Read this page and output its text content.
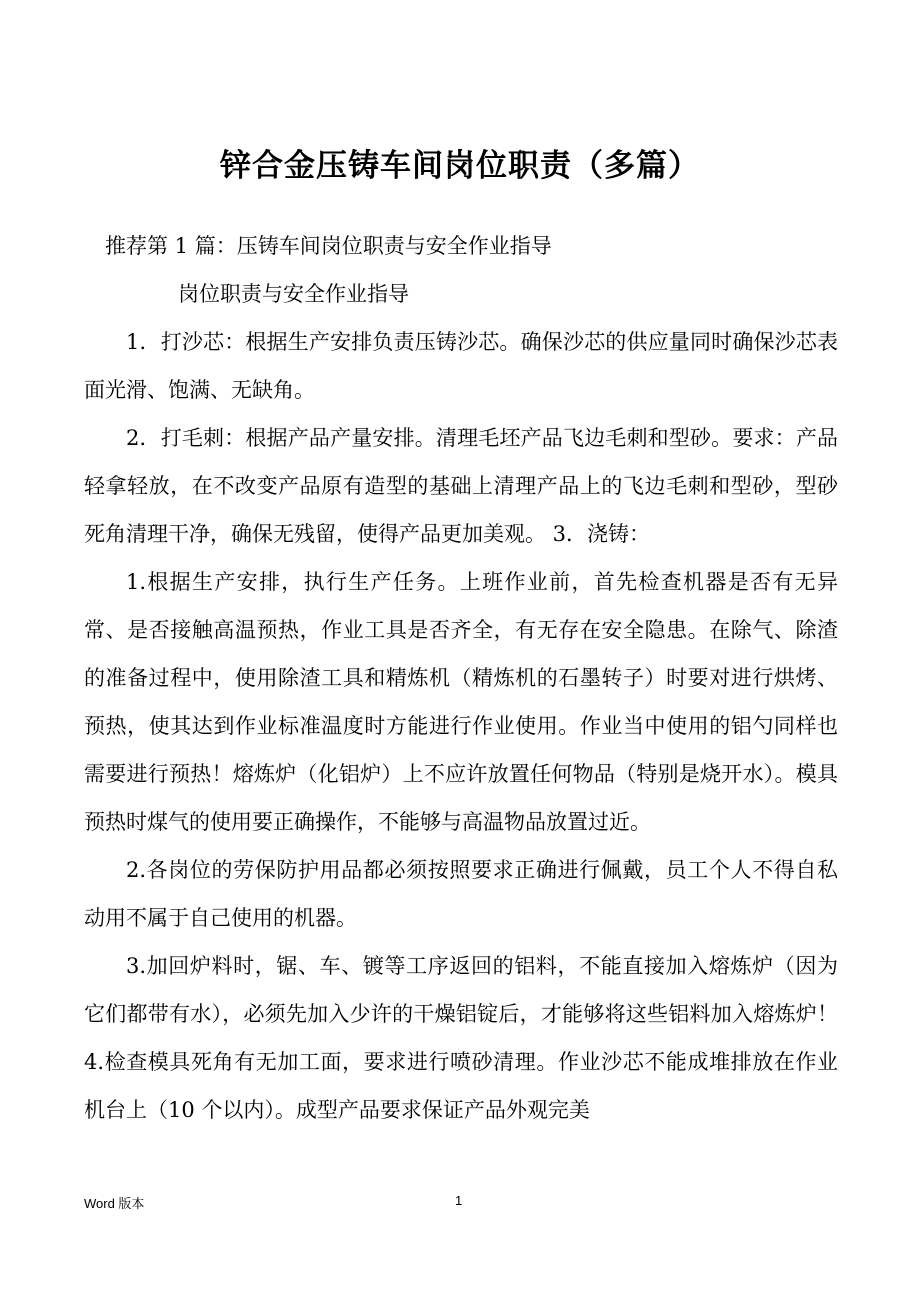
锌合金压铸车间岗位职责（多篇）
推荐第 1 篇：压铸车间岗位职责与安全作业指导
岗位职责与安全作业指导

1．打沙芯：根据生产安排负责压铸沙芯。确保沙芯的供应量同时确保沙芯表面光滑、饱满、无缺角。

2．打毛刺：根据产品产量安排。清理毛坯产品飞边毛刺和型砂。要求：产品轻拿轻放，在不改变产品原有造型的基础上清理产品上的飞边毛刺和型砂，型砂死角清理干净，确保无残留，使得产品更加美观。 3．浇铸：

1.根据生产安排，执行生产任务。上班作业前，首先检查机器是否有无异常、是否接触高温预热，作业工具是否齐全，有无存在安全隐患。在除气、除渣的准备过程中，使用除渣工具和精炼机（精炼机的石墨转子）时要对进行烘烤、预热，使其达到作业标准温度时方能进行作业使用。作业当中使用的铝勺同样也需要进行预热！熔炼炉（化铝炉）上不应许放置任何物品（特别是烧开水）。模具预热时煤气的使用要正确操作，不能够与高温物品放置过近。

2.各岗位的劳保防护用品都必须按照要求正确进行佩戴，员工个人不得自私动用不属于自己使用的机器。

3.加回炉料时，锯、车、镀等工序返回的铝料，不能直接加入熔炼炉（因为它们都带有水），必须先加入少许的干燥铝锭后，才能够将这些铝料加入熔炼炉！ 4.检查模具死角有无加工面，要求进行喷砂清理。作业沙芯不能成堆排放在作业机台上（10 个以内）。成型产品要求保证产品外观完美

Word 版本	1
